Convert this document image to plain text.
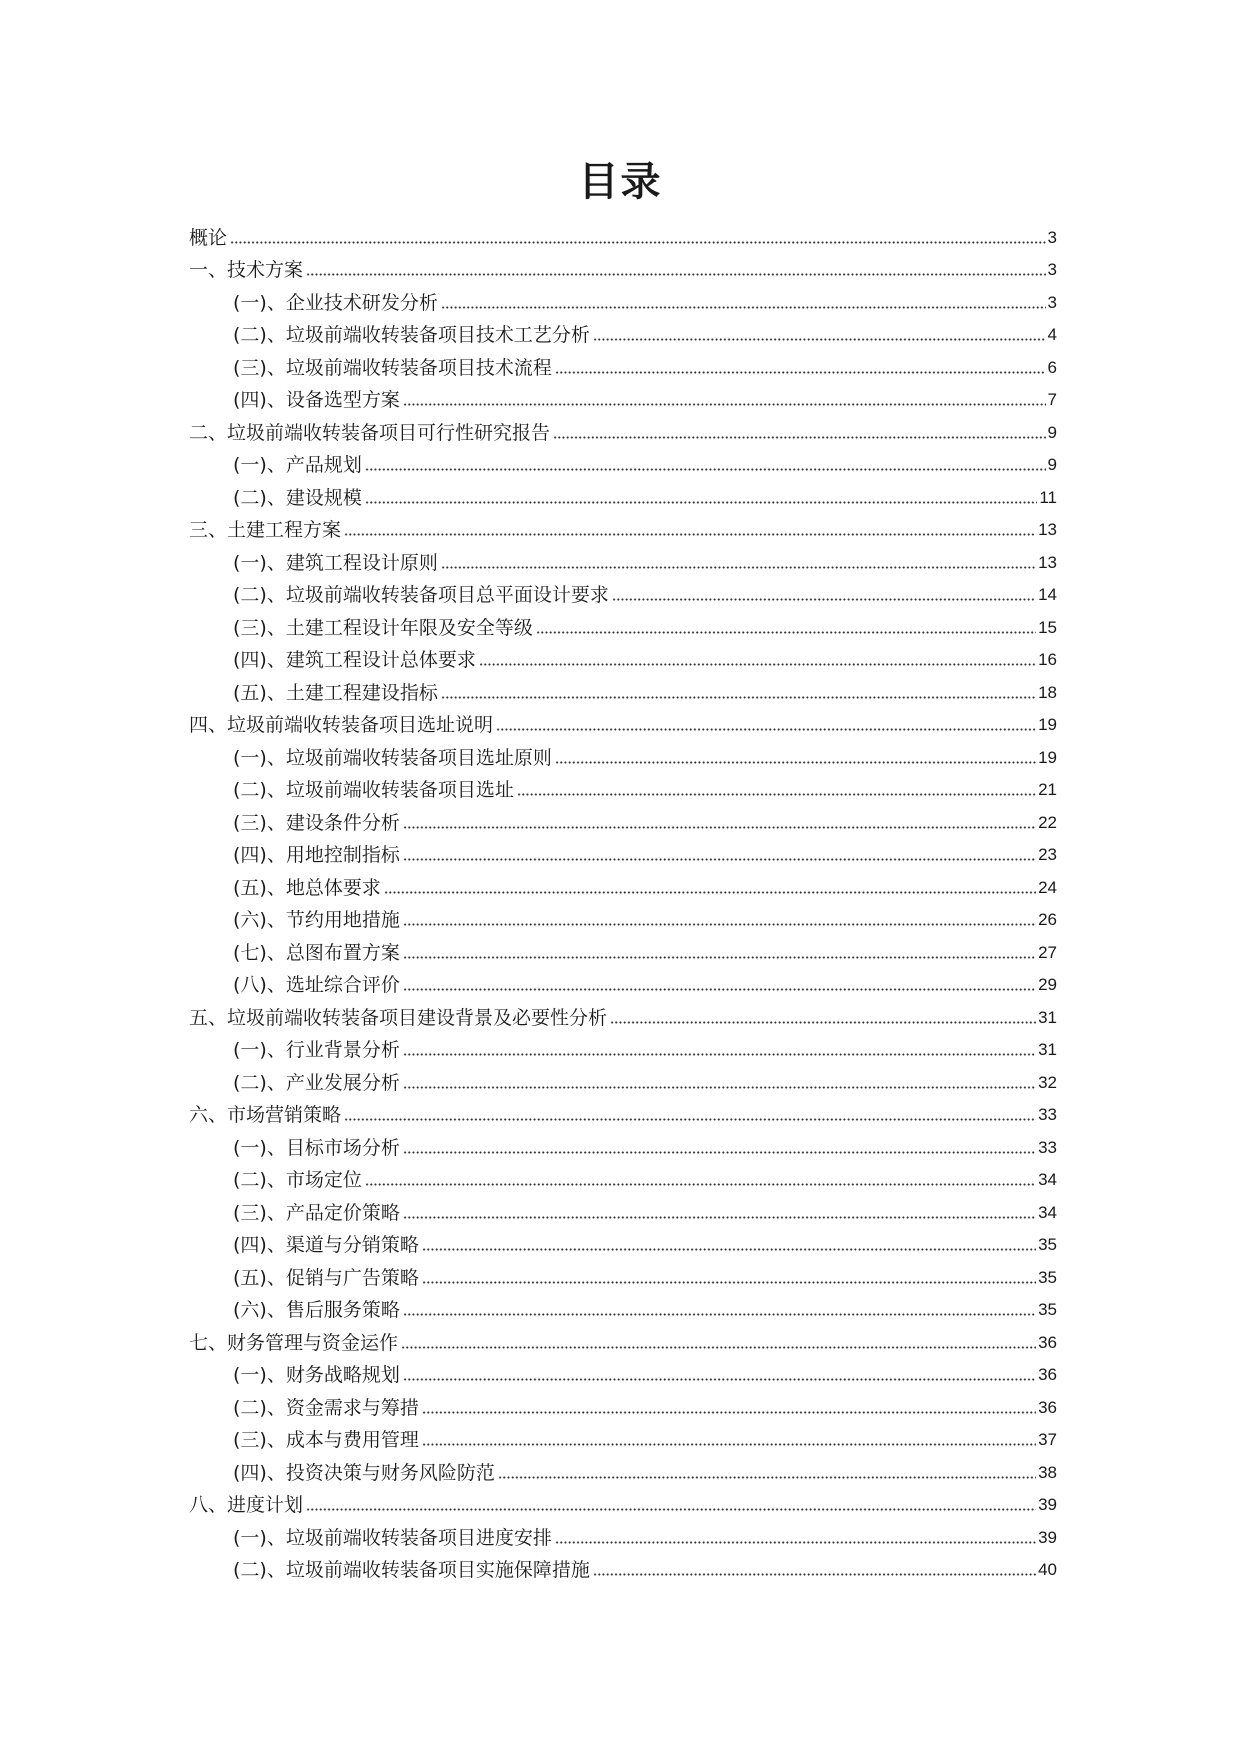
目录
概论	3
一、技术方案	3
(一)、企业技术研发分析	3
(二)、垃圾前端收转装备项目技术工艺分析	4
(三)、垃圾前端收转装备项目技术流程	6
(四)、设备选型方案	7
二、垃圾前端收转装备项目可行性研究报告	9
(一)、产品规划	9
(二)、建设规模	11
三、土建工程方案	13
(一)、建筑工程设计原则	13
(二)、垃圾前端收转装备项目总平面设计要求	14
(三)、土建工程设计年限及安全等级	15
(四)、建筑工程设计总体要求	16
(五)、土建工程建设指标	18
四、垃圾前端收转装备项目选址说明	19
(一)、垃圾前端收转装备项目选址原则	19
(二)、垃圾前端收转装备项目选址	21
(三)、建设条件分析	22
(四)、用地控制指标	23
(五)、地总体要求	24
(六)、节约用地措施	26
(七)、总图布置方案	27
(八)、选址综合评价	29
五、垃圾前端收转装备项目建设背景及必要性分析	31
(一)、行业背景分析	31
(二)、产业发展分析	32
六、市场营销策略	33
(一)、目标市场分析	33
(二)、市场定位	34
(三)、产品定价策略	34
(四)、渠道与分销策略	35
(五)、促销与广告策略	35
(六)、售后服务策略	35
七、财务管理与资金运作	36
(一)、财务战略规划	36
(二)、资金需求与筹措	36
(三)、成本与费用管理	37
(四)、投资决策与财务风险防范	38
八、进度计划	39
(一)、垃圾前端收转装备项目进度安排	39
(二)、垃圾前端收转装备项目实施保障措施	40
